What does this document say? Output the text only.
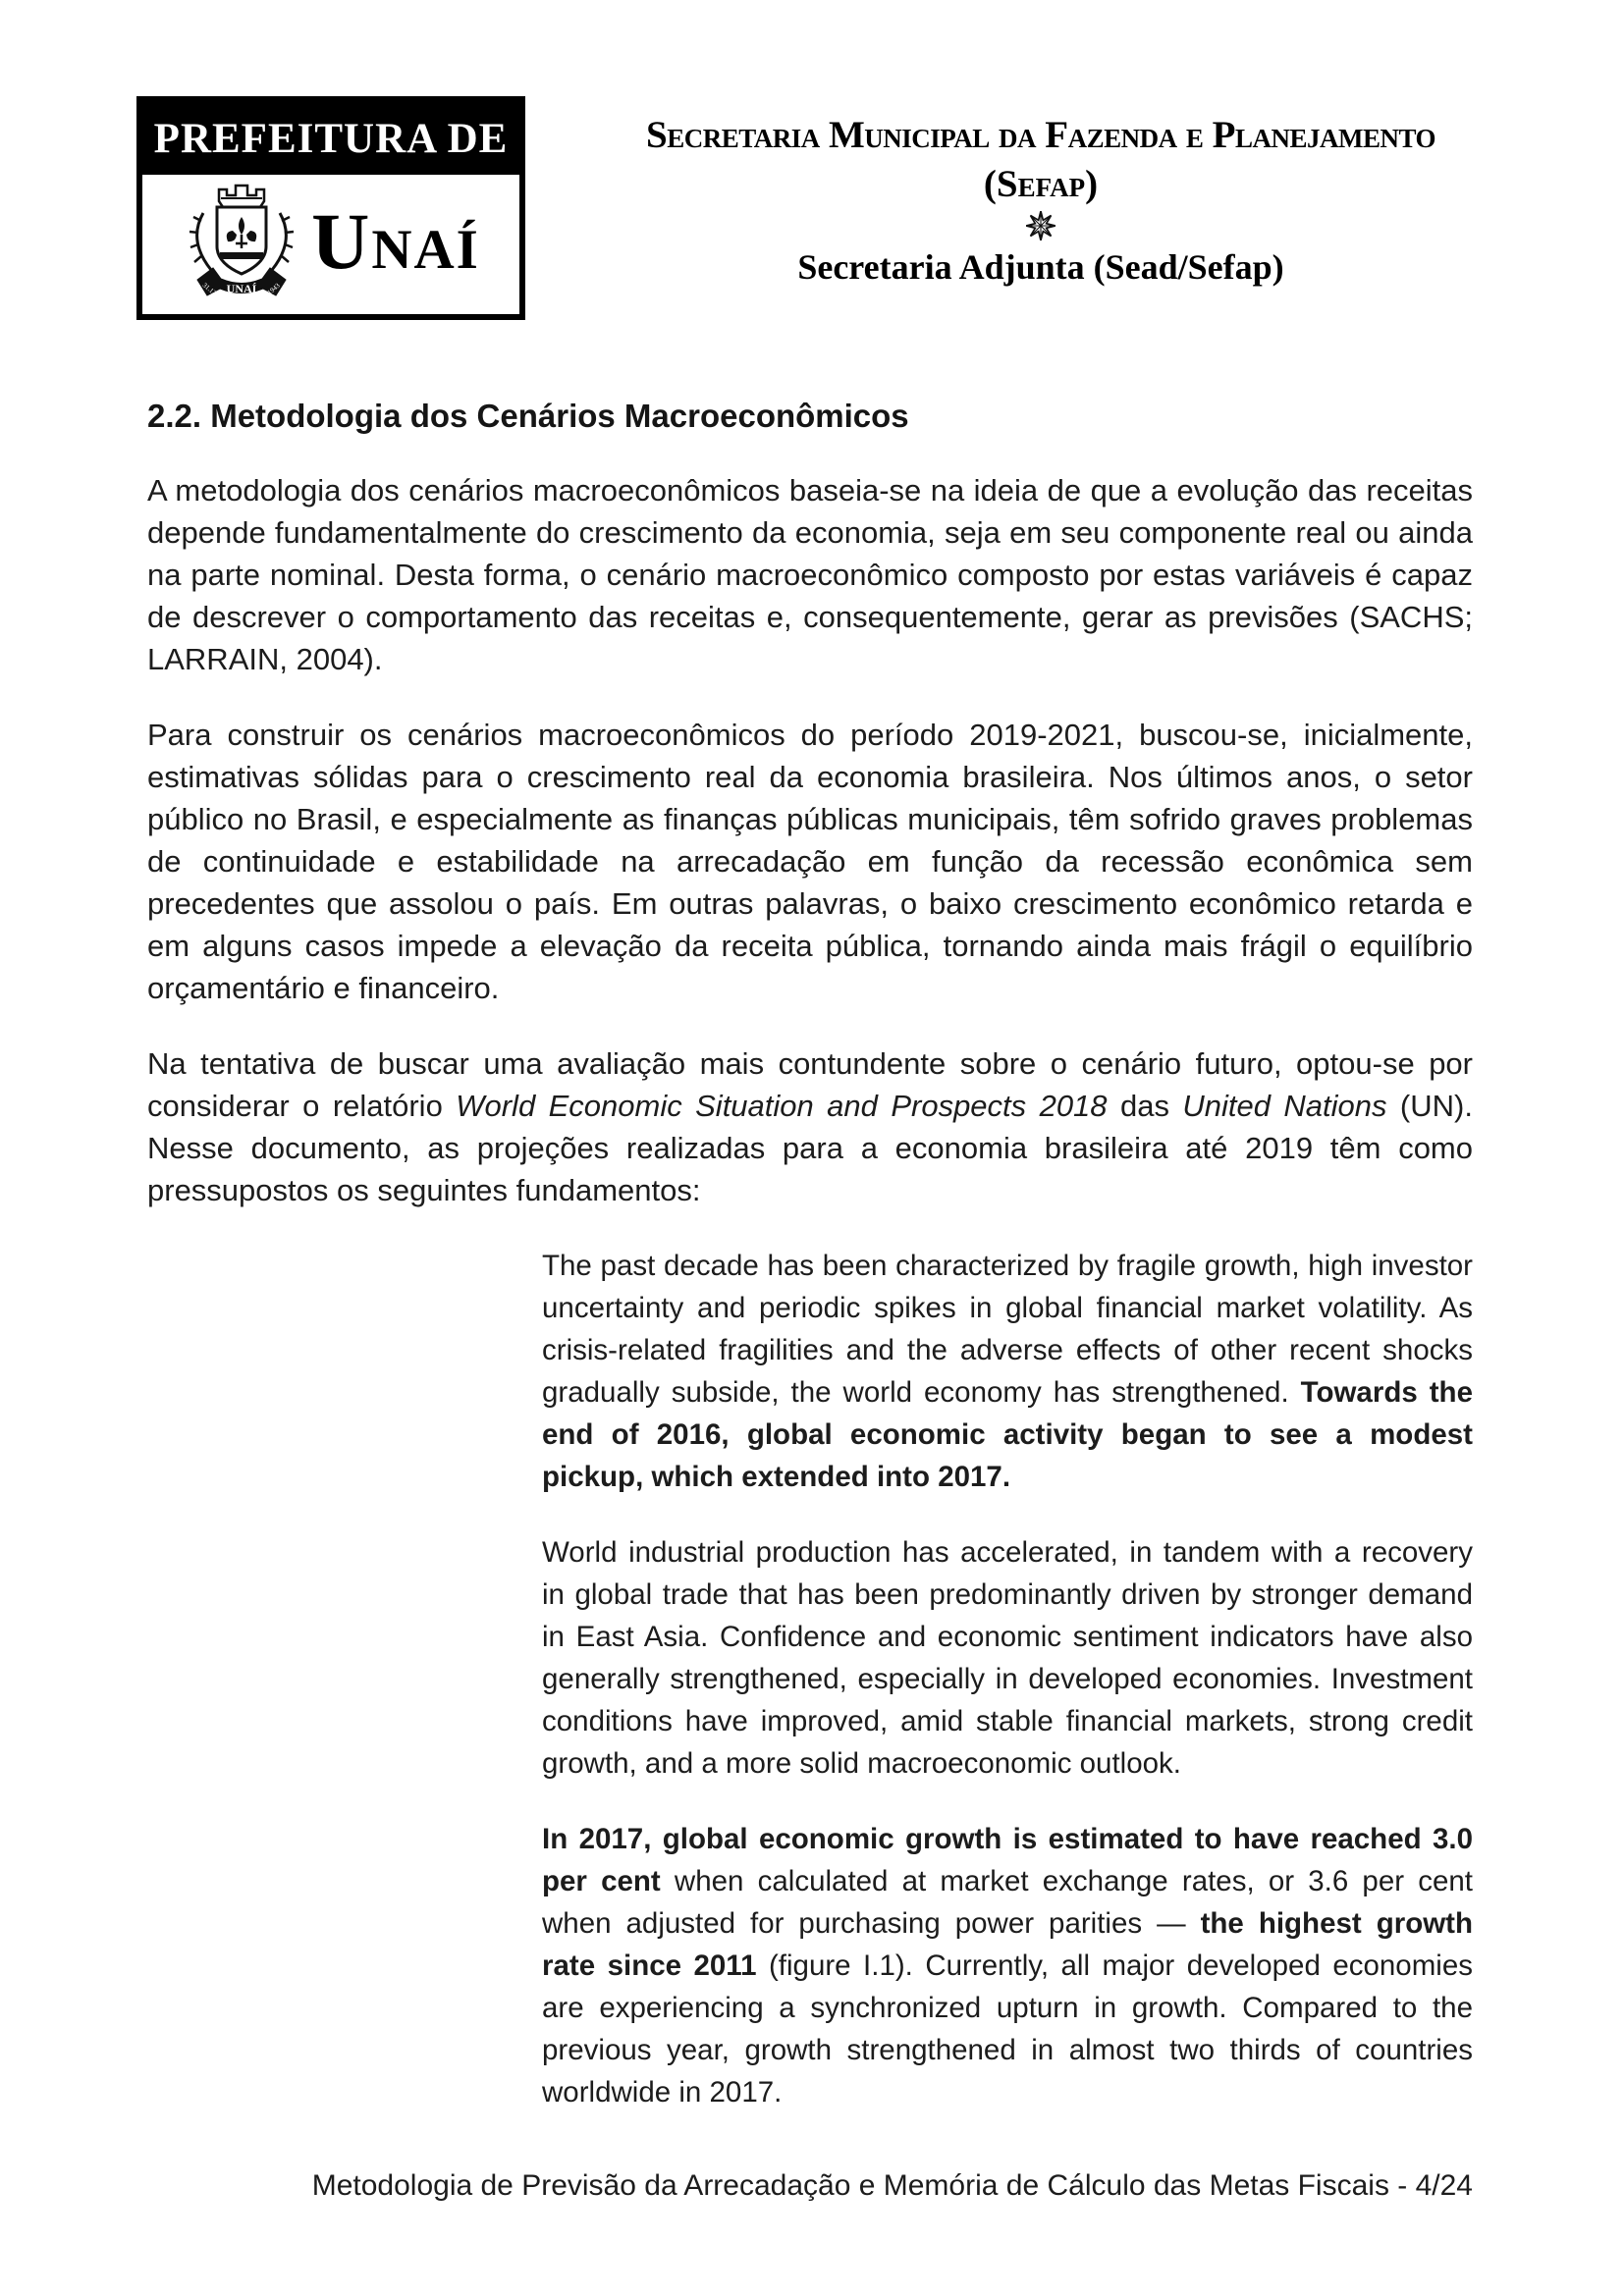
PREFEITURA DE
UNAÍ
31.12	1943
Unaí
Secretaria Municipal da Fazenda e Planejamento
(Sefap)
Secretaria Adjunta (Sead/Sefap)
2.2. Metodologia dos Cenários Macroeconômicos

A metodologia dos cenários macroeconômicos baseia-se na ideia de que a evolução das receitas depende fundamentalmente do crescimento da economia, seja em seu componente real ou ainda na parte nominal. Desta forma, o cenário macroeconômico composto por estas variáveis é capaz de descrever o comportamento das receitas e, consequentemente, gerar as previsões (SACHS; LARRAIN, 2004).

Para construir os cenários macroeconômicos do período 2019-2021, buscou-se, inicialmente, estimativas sólidas para o crescimento real da economia brasileira. Nos últimos anos, o setor público no Brasil, e especialmente as finanças públicas municipais, têm sofrido graves problemas de continuidade e estabilidade na arrecadação em função da recessão econômica sem precedentes que assolou o país. Em outras palavras, o baixo crescimento econômico retarda e em alguns casos impede a elevação da receita pública, tornando ainda mais frágil o equilíbrio orçamentário e financeiro.

Na tentativa de buscar uma avaliação mais contundente sobre o cenário futuro, optou-se por considerar o relatório World Economic Situation and Prospects 2018 das United Nations (UN). Nesse documento, as projeções realizadas para a economia brasileira até 2019 têm como pressupostos os seguintes fundamentos:

The past decade has been characterized by fragile growth, high investor uncertainty and periodic spikes in global financial market volatility. As crisis-related fragilities and the adverse effects of other recent shocks gradually subside, the world economy has strengthened. Towards the end of 2016, global economic activity began to see a modest pickup, which extended into 2017.

World industrial production has accelerated, in tandem with a recovery in global trade that has been predominantly driven by stronger demand in East Asia. Confidence and economic sentiment indicators have also generally strengthened, especially in developed economies. Investment conditions have improved, amid stable financial markets, strong credit growth, and a more solid macroeconomic outlook.

In 2017, global economic growth is estimated to have reached 3.0 per cent when calculated at market exchange rates, or 3.6 per cent when adjusted for purchasing power parities — the highest growth rate since 2011 (figure I.1). Currently, all major developed economies are experiencing a synchronized upturn in growth. Compared to the previous year, growth strengthened in almost two thirds of countries worldwide in 2017.

Metodologia de Previsão da Arrecadação e Memória de Cálculo das Metas Fiscais - 4/24
